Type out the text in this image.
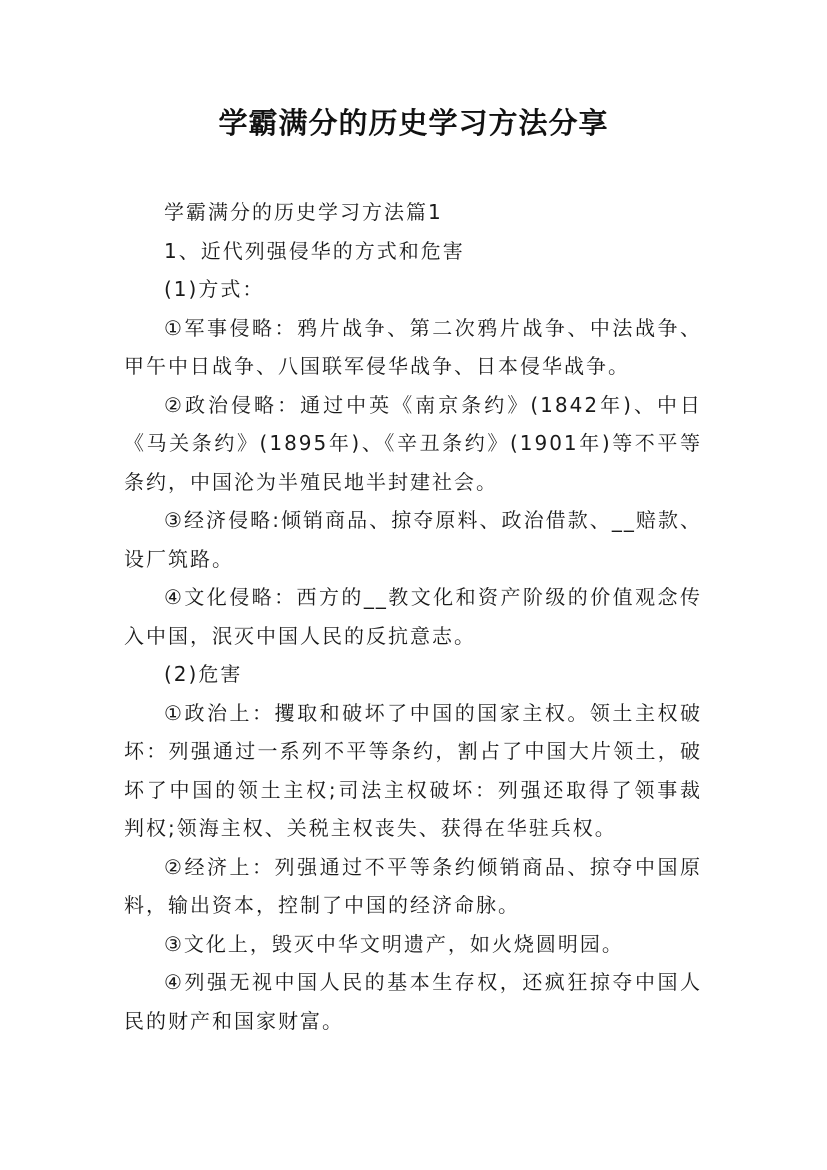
学霸满分的历史学习方法分享

学霸满分的历史学习方法篇1

1、近代列强侵华的方式和危害

(1)方式：

①军事侵略：鸦片战争、第二次鸦片战争、中法战争、甲午中日战争、八国联军侵华战争、日本侵华战争。

②政治侵略：通过中英《南京条约》(1842年)、中日《马关条约》(1895年)、《辛丑条约》(1901年)等不平等条约，中国沦为半殖民地半封建社会。

③经济侵略:倾销商品、掠夺原料、政治借款、__赔款、设厂筑路。

④文化侵略：西方的__教文化和资产阶级的价值观念传入中国，泯灭中国人民的反抗意志。

(2)危害

①政治上：攫取和破坏了中国的国家主权。领土主权破坏：列强通过一系列不平等条约，割占了中国大片领土，破坏了中国的领土主权;司法主权破坏：列强还取得了领事裁判权;领海主权、关税主权丧失、获得在华驻兵权。

②经济上：列强通过不平等条约倾销商品、掠夺中国原料，输出资本，控制了中国的经济命脉。

③文化上，毁灭中华文明遗产，如火烧圆明园。

④列强无视中国人民的基本生存权，还疯狂掠夺中国人民的财产和国家财富。
